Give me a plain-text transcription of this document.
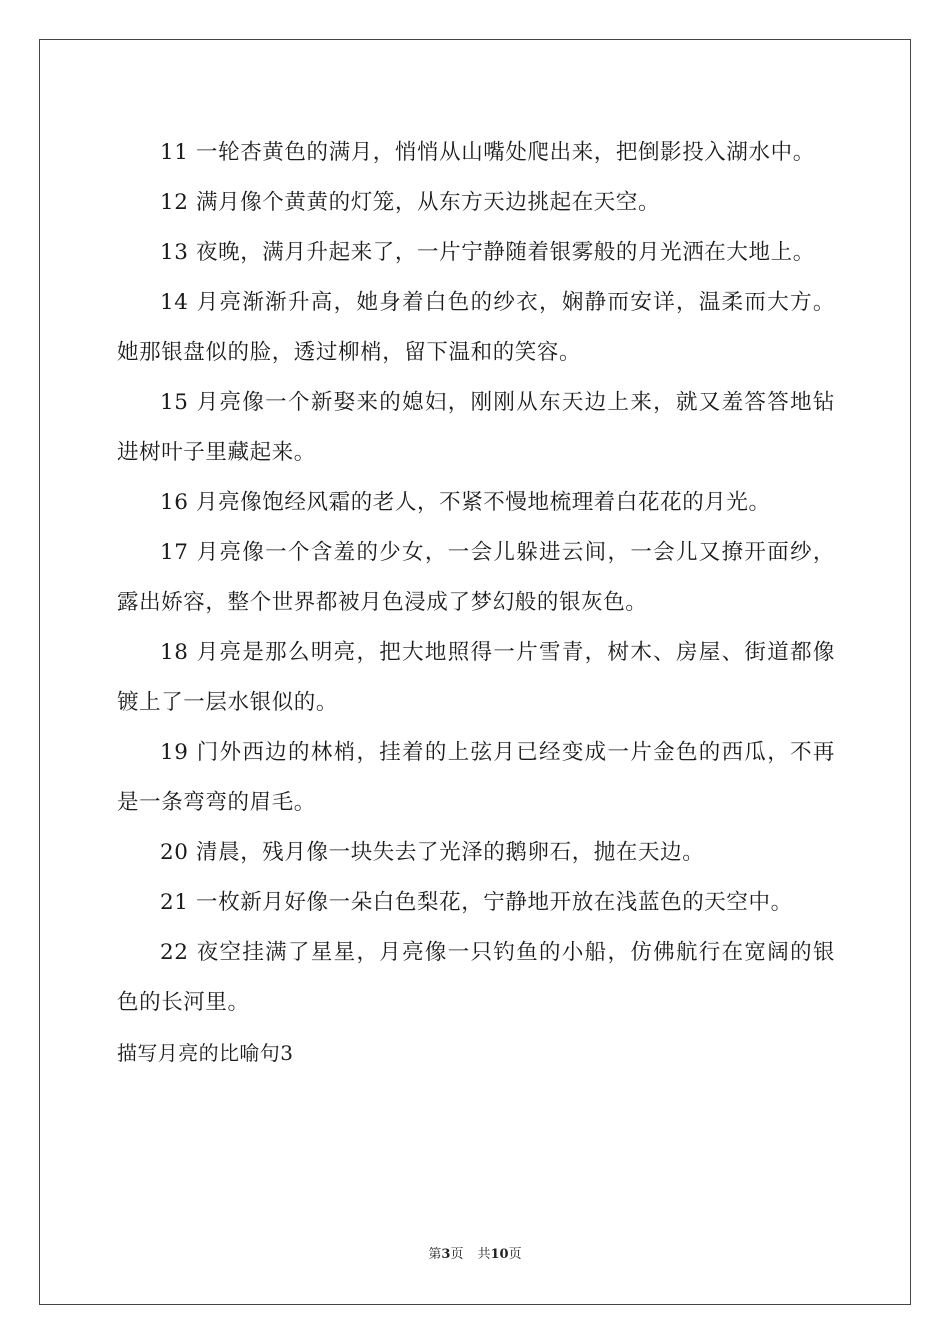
11 一轮杏黄色的满月，悄悄从山嘴处爬出来，把倒影投入湖水中。

12 满月像个黄黄的灯笼，从东方天边挑起在天空。

13 夜晚，满月升起来了，一片宁静随着银雾般的月光洒在大地上。

14 月亮渐渐升高，她身着白色的纱衣，娴静而安详，温柔而大方。她那银盘似的脸，透过柳梢，留下温和的笑容。

15 月亮像一个新娶来的媳妇，刚刚从东天边上来，就又羞答答地钻进树叶子里藏起来。

16 月亮像饱经风霜的老人，不紧不慢地梳理着白花花的月光。

17 月亮像一个含羞的少女，一会儿躲进云间，一会儿又撩开面纱，露出娇容，整个世界都被月色浸成了梦幻般的银灰色。

18 月亮是那么明亮，把大地照得一片雪青，树木、房屋、街道都像镀上了一层水银似的。

19 门外西边的林梢，挂着的上弦月已经变成一片金色的西瓜，不再是一条弯弯的眉毛。

20 清晨，残月像一块失去了光泽的鹅卵石，抛在天边。

21 一枚新月好像一朵白色梨花，宁静地开放在浅蓝色的天空中。

22 夜空挂满了星星，月亮像一只钓鱼的小船，仿佛航行在宽阔的银色的长河里。

描写月亮的比喻句3

第3页 共10页
